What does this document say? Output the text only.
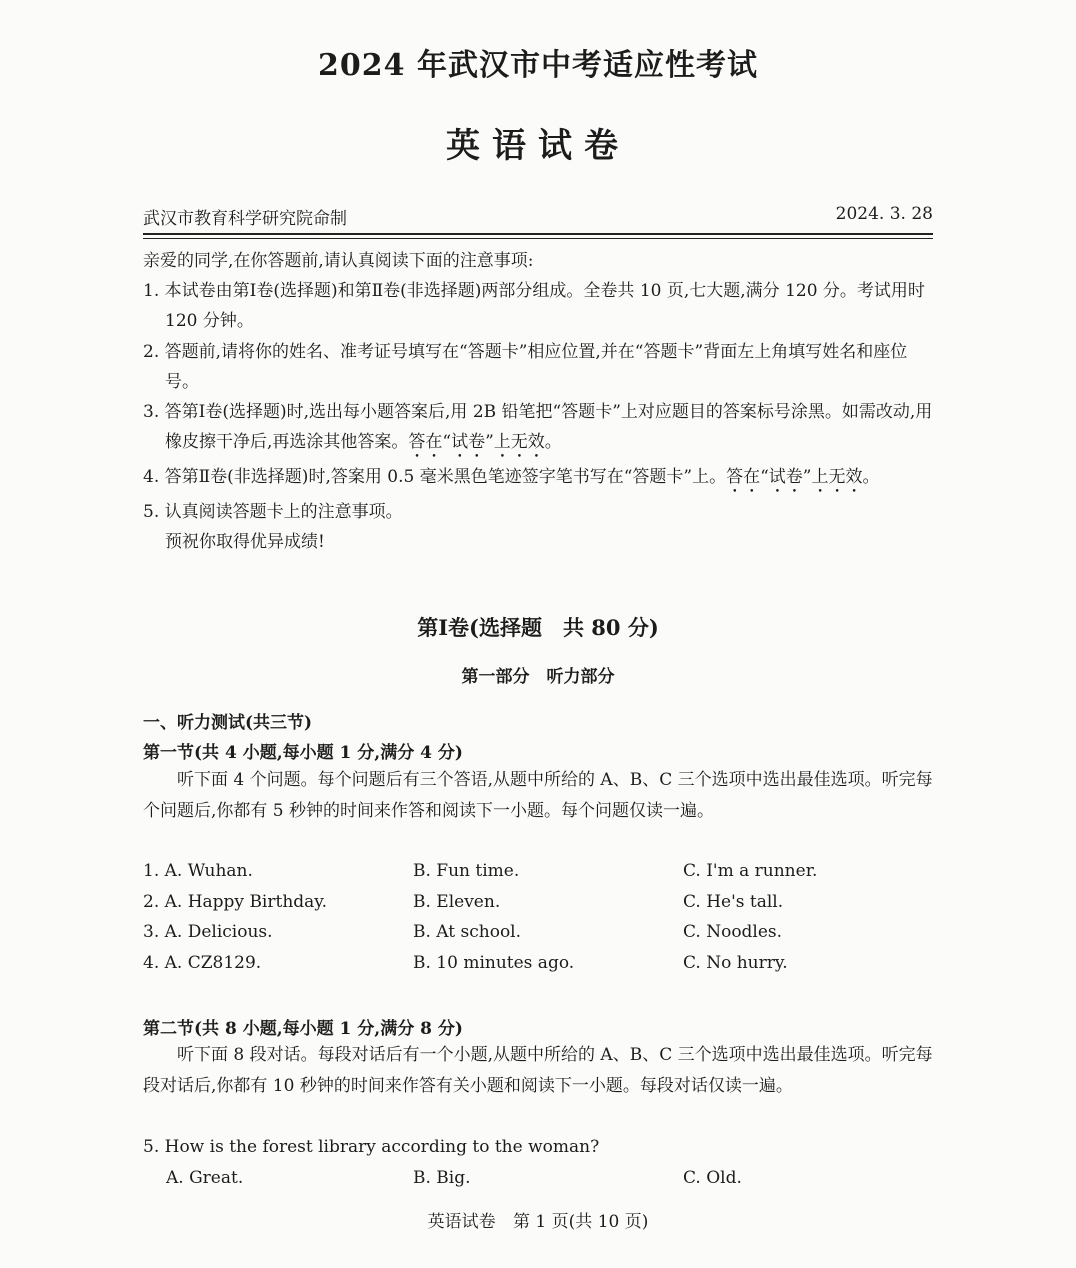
2024 年武汉市中考适应性考试
英语试卷
武汉市教育科学研究院命制	2024. 3. 28

亲爱的同学,在你答题前,请认真阅读下面的注意事项:

1. 本试卷由第Ⅰ卷(选择题)和第Ⅱ卷(非选择题)两部分组成。全卷共 10 页,七大题,满分 120 分。考试用时 120 分钟。

2. 答题前,请将你的姓名、准考证号填写在“答题卡”相应位置,并在“答题卡”背面左上角填写姓名和座位号。

3. 答第Ⅰ卷(选择题)时,选出每小题答案后,用 2B 铅笔把“答题卡”上对应题目的答案标号涂黑。如需改动,用橡皮擦干净后,再选涂其他答案。答在“试卷”上无效。

4. 答第Ⅱ卷(非选择题)时,答案用 0.5 毫米黑色笔迹签字笔书写在“答题卡”上。答在“试卷”上无效。

5. 认真阅读答题卡上的注意事项。

预祝你取得优异成绩!

第Ⅰ卷(选择题　共 80 分)
第一部分　听力部分
一、听力测试(共三节)
第一节(共 4 小题,每小题 1 分,满分 4 分)
听下面 4 个问题。每个问题后有三个答语,从题中所给的 A、B、C 三个选项中选出最佳选项。听完每个问题后,你都有 5 秒钟的时间来作答和阅读下一小题。每个问题仅读一遍。
1. A. Wuhan.	B. Fun time.	C. I'm a runner.
2. A. Happy Birthday.	B. Eleven.	C. He's tall.
3. A. Delicious.	B. At school.	C. Noodles.
4. A. CZ8129.	B. 10 minutes ago.	C. No hurry.
第二节(共 8 小题,每小题 1 分,满分 8 分)
听下面 8 段对话。每段对话后有一个小题,从题中所给的 A、B、C 三个选项中选出最佳选项。听完每段对话后,你都有 10 秒钟的时间来作答有关小题和阅读下一小题。每段对话仅读一遍。
5. How is the forest library according to the woman?
A. Great.	B. Big.	C. Old.
英语试卷 第 1 页(共 10 页)
